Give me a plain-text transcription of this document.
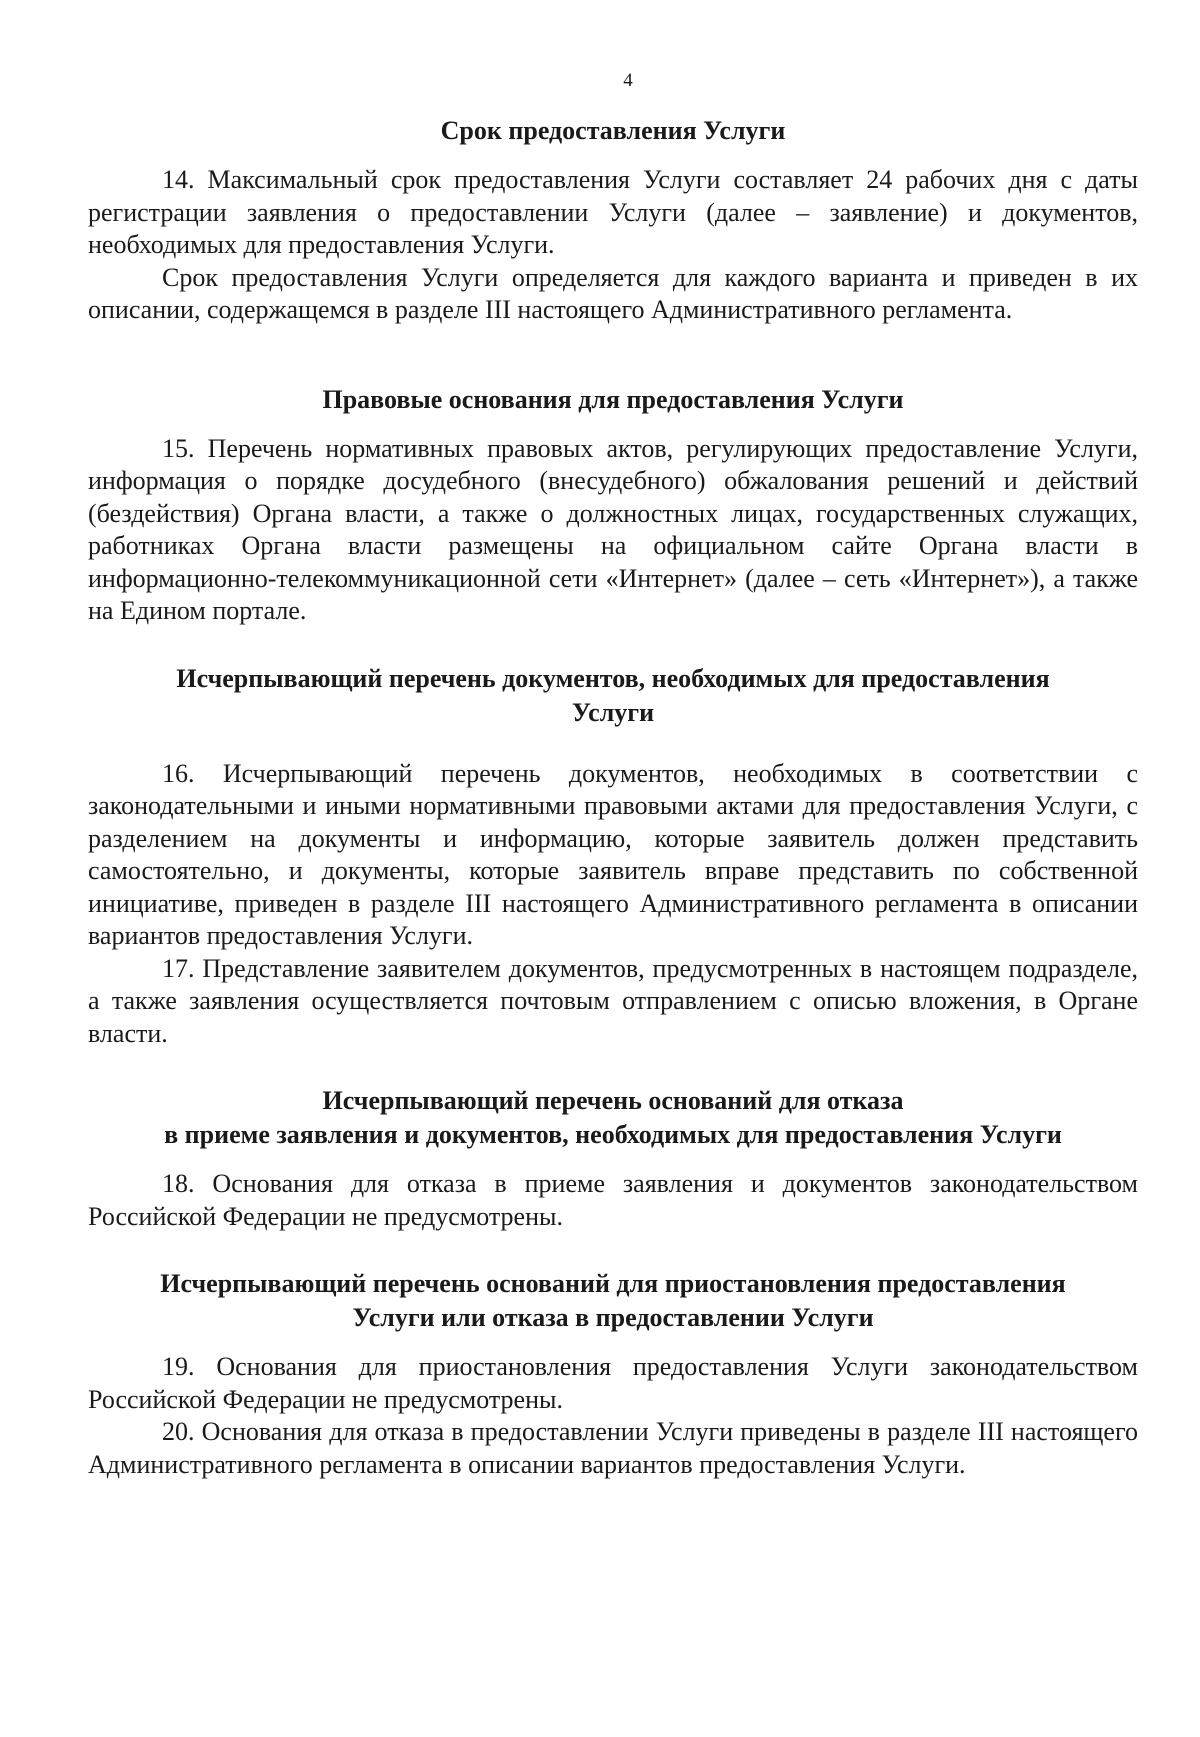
4
Срок предоставления Услуги

14. Максимальный срок предоставления Услуги составляет 24 рабочих дня с даты регистрации заявления о предоставлении Услуги (далее – заявление) и документов, необходимых для предоставления Услуги.

Срок предоставления Услуги определяется для каждого варианта и приведен в их описании, содержащемся в разделе III настоящего Административного регламента.

Правовые основания для предоставления Услуги

15. Перечень нормативных правовых актов, регулирующих предоставление Услуги, информация о порядке досудебного (внесудебного) обжалования решений и действий (бездействия) Органа власти, а также о должностных лицах, государственных служащих, работниках Органа власти размещены на официальном сайте Органа власти в информационно-телекоммуникационной сети «Интернет» (далее – сеть «Интернет»), а также на Едином портале.

Исчерпывающий перечень документов, необходимых для предоставления
Услуги

16. Исчерпывающий перечень документов, необходимых в соответствии с законодательными и иными нормативными правовыми актами для предоставления Услуги, с разделением на документы и информацию, которые заявитель должен представить самостоятельно, и документы, которые заявитель вправе представить по собственной инициативе, приведен в разделе III настоящего Административного регламента в описании вариантов предоставления Услуги.

17. Представление заявителем документов, предусмотренных в настоящем подразделе, а также заявления осуществляется почтовым отправлением с описью вложения, в Органе власти.

Исчерпывающий перечень оснований для отказа
в приеме заявления и документов, необходимых для предоставления Услуги

18. Основания для отказа в приеме заявления и документов законодательством Российской Федерации не предусмотрены.

Исчерпывающий перечень оснований для приостановления предоставления
Услуги или отказа в предоставлении Услуги

19. Основания для приостановления предоставления Услуги законодательством Российской Федерации не предусмотрены.

20. Основания для отказа в предоставлении Услуги приведены в разделе III настоящего Административного регламента в описании вариантов предоставления Услуги.
